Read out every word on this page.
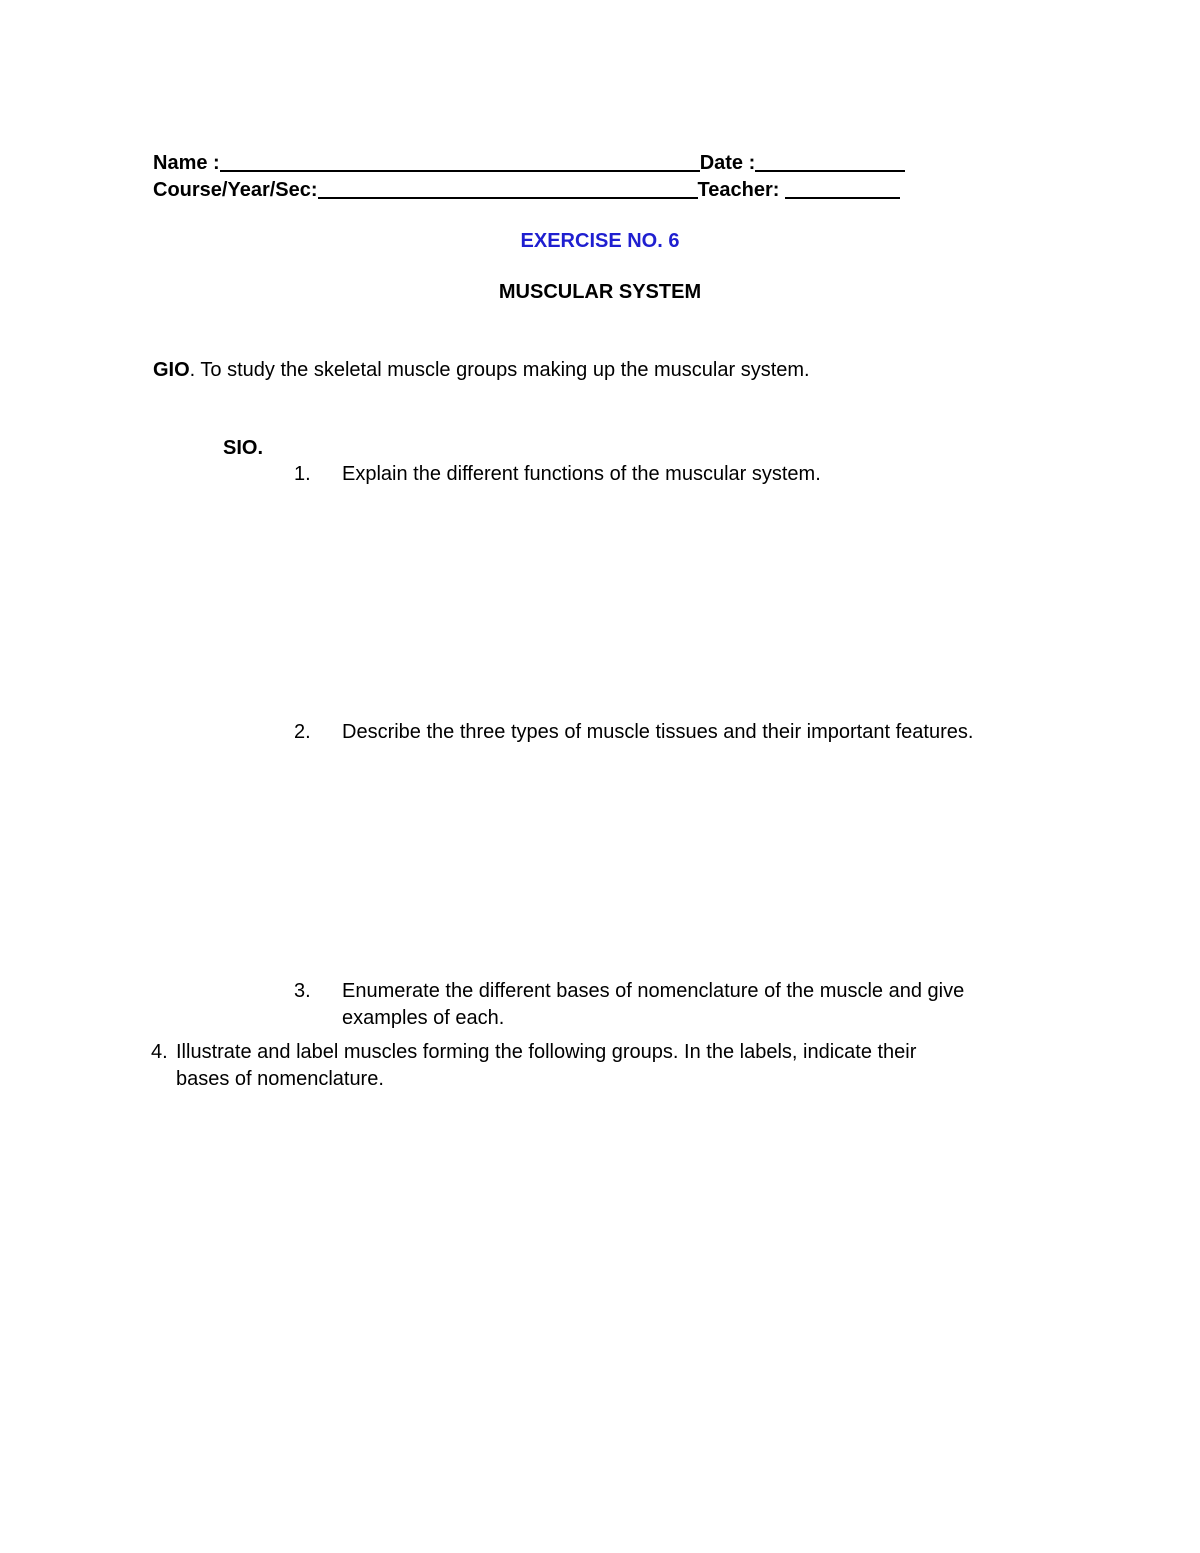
Name :	Date :
Course/Year/Sec:	Teacher:
EXERCISE NO. 6
MUSCULAR SYSTEM
GIO. To study the skeletal muscle groups making up the muscular system.
SIO.
1. Explain the different functions of the muscular system.
2. Describe the three types of muscle tissues and their important features.
3. Enumerate the different bases of nomenclature of the muscle and give examples of each.
4. Illustrate and label muscles forming the following groups. In the labels, indicate their bases of nomenclature.
